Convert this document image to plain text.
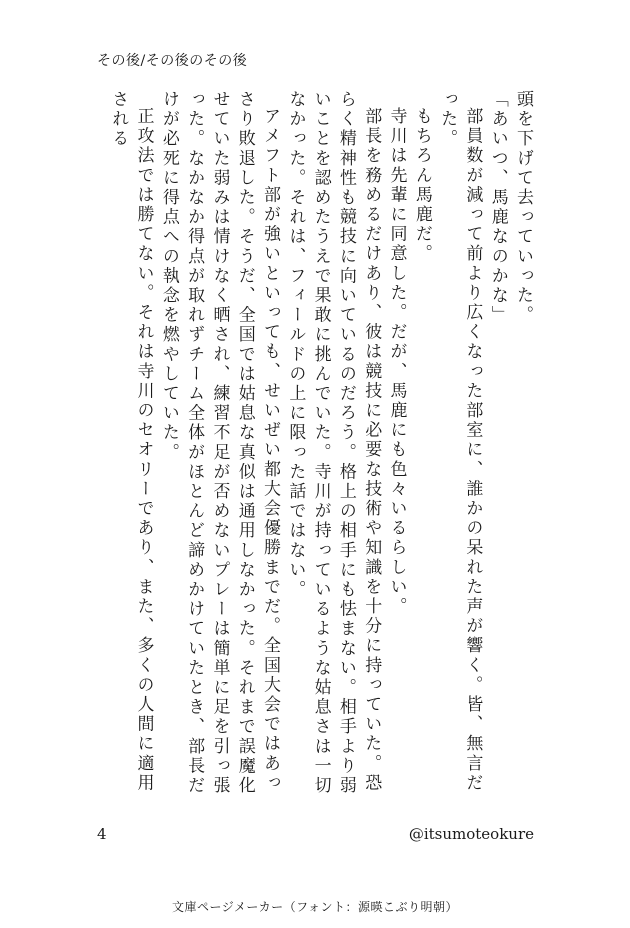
その後/その後のその後

頭を下げて去っていった。

「あいつ、馬鹿なのかな」

部員数が減って前より広くなった部室に、誰かの呆れた声が響く。皆、無言だった。

もちろん馬鹿だ。

寺川は先輩に同意した。だが、馬鹿にも色々いるらしい。

部長を務めるだけあり、彼は競技に必要な技術や知識を十分に持っていた。恐らく精神性も競技に向いているのだろう。格上の相手にも怯まない。相手より弱いことを認めたうえで果敢に挑んでいた。寺川が持っているような姑息さは一切なかった。それは、フィールドの上に限った話ではない。

アメフト部が強いといっても、せいぜい都大会優勝までだ。全国大会ではあっさり敗退した。そうだ、全国では姑息な真似は通用しなかった。それまで誤魔化せていた弱みは情けなく晒され、練習不足が否めないプレーは簡単に足を引っ張った。なかなか得点が取れずチーム全体がほとんど諦めかけていたとき、部長だけが必死に得点への執念を燃やしていた。

正攻法では勝てない。それは寺川のセオリーであり、また、多くの人間に適用される

4	@itsumoteokure
文庫ページメーカー（フォント：源暎こぶり明朝）
